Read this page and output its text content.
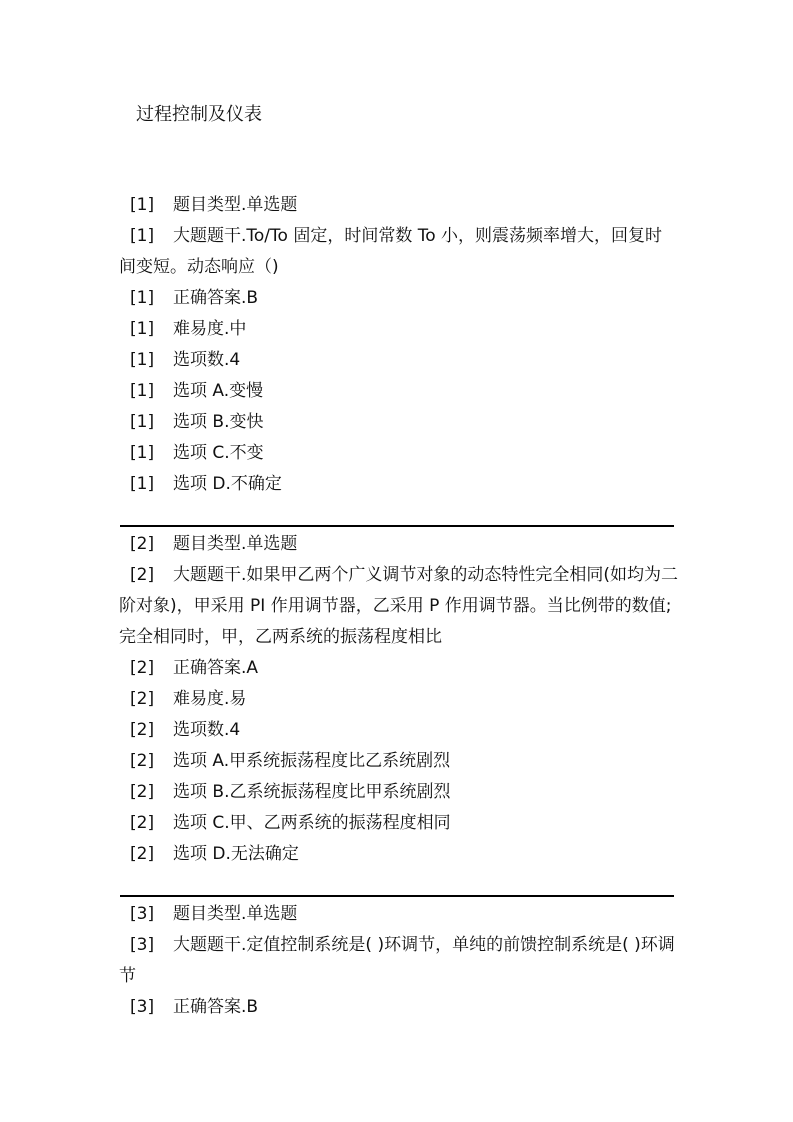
过程控制及仪表
[1] 题目类型.单选题
[1] 大题题干.To/To 固定，时间常数 To 小，则震荡频率增大，回复时间变短。动态响应（)
[1] 正确答案.B
[1] 难易度.中
[1] 选项数.4
[1] 选项 A.变慢
[1] 选项 B.变快
[1] 选项 C.不变
[1] 选项 D.不确定
[2] 题目类型.单选题
[2] 大题题干.如果甲乙两个广义调节对象的动态特性完全相同(如均为二阶对象)，甲采用 PI 作用调节器，乙采用 P 作用调节器。当比例带的数值;完全相同时，甲，乙两系统的振荡程度相比
[2] 正确答案.A
[2] 难易度.易
[2] 选项数.4
[2] 选项 A.甲系统振荡程度比乙系统剧烈
[2] 选项 B.乙系统振荡程度比甲系统剧烈
[2] 选项 C.甲、乙两系统的振荡程度相同
[2] 选项 D.无法确定
[3] 题目类型.单选题
[3] 大题题干.定值控制系统是( )环调节，单纯的前馈控制系统是( )环调节
[3] 正确答案.B
